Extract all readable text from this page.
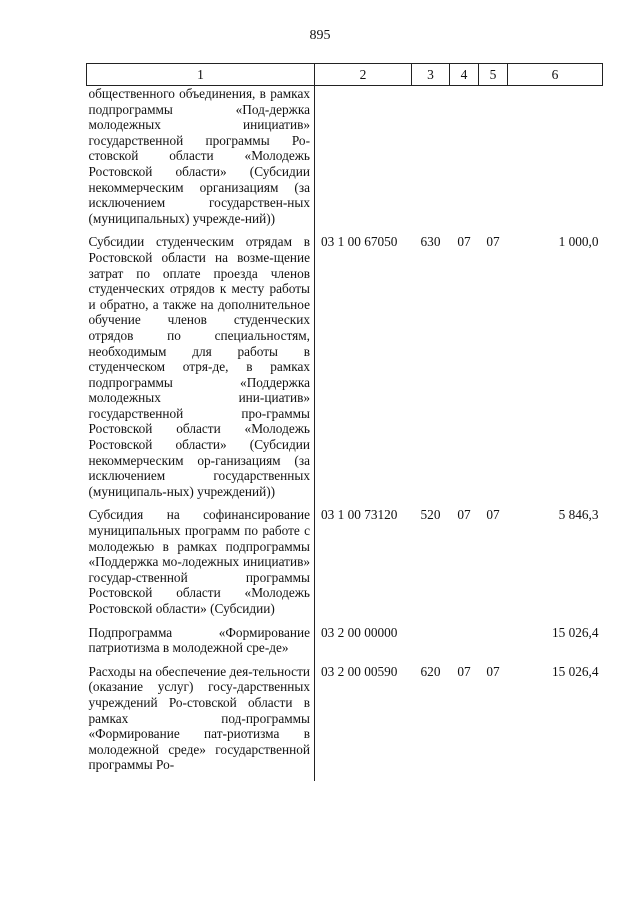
895
1	2	3	4	5	6
общественного объединения, в рамках подпрограммы «Под-держка молодежных инициатив» государственной программы Ро-стовской области «Молодежь Ростовской области» (Субсидии некоммерческим организациям (за исключением государствен-ных (муниципальных) учрежде-ний))					
Субсидии студенческим отрядам в Ростовской области на возме-щение затрат по оплате проезда членов студенческих отрядов к месту работы и обратно, а также на дополнительное обучение членов студенческих отрядов по специальностям, необходимым для работы в студенческом отря-де, в рамках подпрограммы «Поддержка молодежных ини-циатив» государственной про-граммы Ростовской области «Молодежь Ростовской области» (Субсидии некоммерческим ор-ганизациям (за исключением государственных (муниципаль-ных) учреждений))	03 1 00 67050	630	07	07	1 000,0
Субсидия на софинансирование муниципальных программ по работе с молодежью в рамках подпрограммы «Поддержка мо-лодежных инициатив» государ-ственной программы Ростовской области «Молодежь Ростовской области» (Субсидии)	03 1 00 73120	520	07	07	5 846,3
Подпрограмма «Формирование патриотизма в молодежной сре-де»	03 2 00 00000				15 026,4
Расходы на обеспечение дея-тельности (оказание услуг) госу-дарственных учреждений Ро-стовской области в рамках под-программы «Формирование пат-риотизма в молодежной среде» государственной программы Ро-	03 2 00 00590	620	07	07	15 026,4
